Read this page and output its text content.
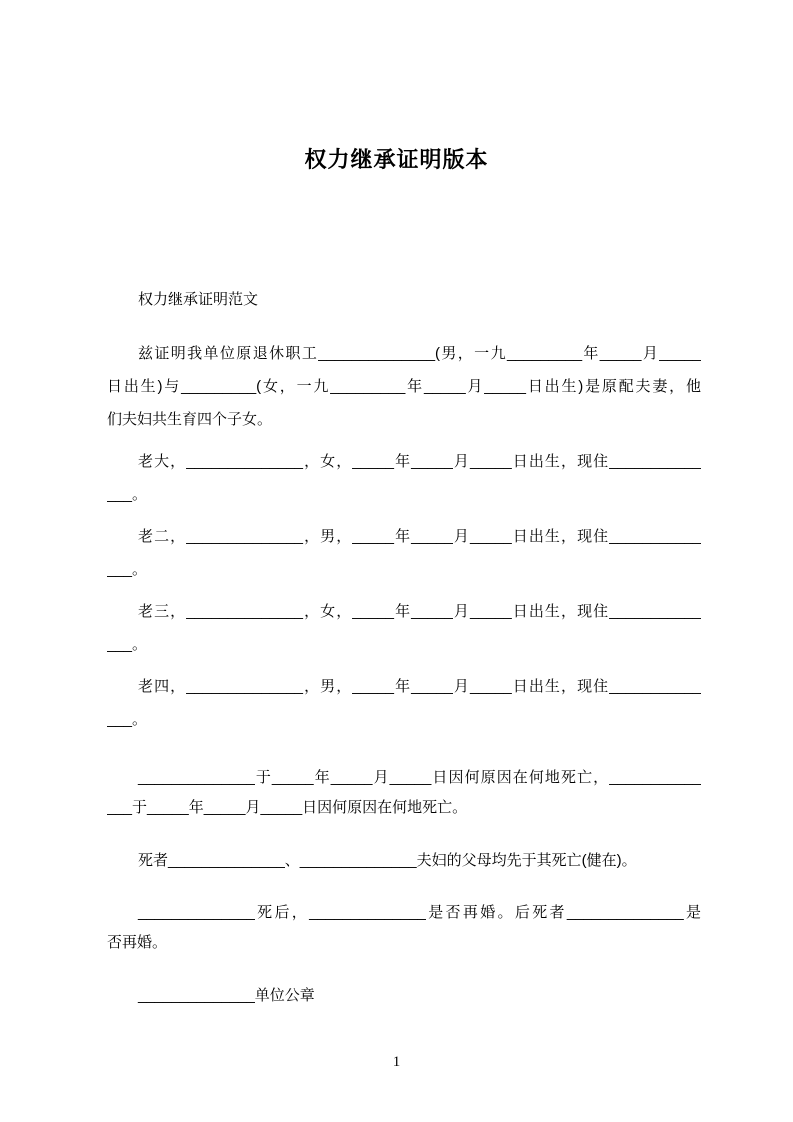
权力继承证明版本
权力继承证明范文
兹证明我单位原退休职工______________(男，一九_________年_____月_____
日出生)与_________(女，一九_________年_____月_____日出生)是原配夫妻，他
们夫妇共生育四个子女。
老大，______________，女，_____年_____月_____日出生，现住___________
___。
老二，______________，男，_____年_____月_____日出生，现住___________
___。
老三，______________，女，_____年_____月_____日出生，现住___________
___。
老四，______________，男，_____年_____月_____日出生，现住___________
___。
______________于_____年_____月_____日因何原因在何地死亡，___________
___于_____年_____月_____日因何原因在何地死亡。
死者______________、______________夫妇的父母均先于其死亡(健在)。
______________死后，______________是否再婚。后死者______________是
否再婚。
______________单位公章
1
